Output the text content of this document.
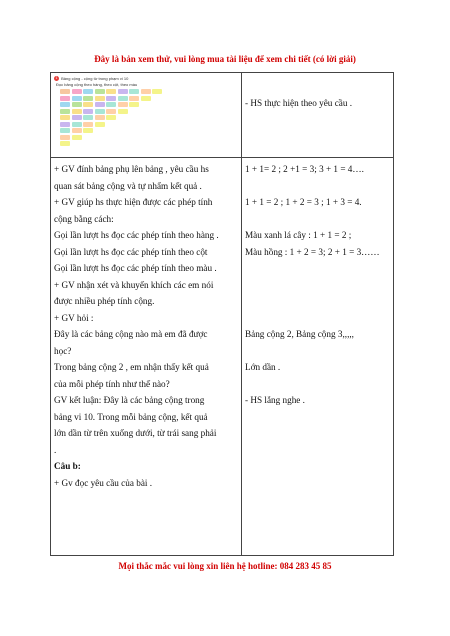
Đây là bản xem thử, vui lòng mua tài liệu để xem chi tiết (có lời giải)
1 Bảng cộng - cộng từ trong phạm vi 10
Đọc bảng cộng theo hàng, theo cột, theo màu
- HS thực hiện theo yêu cầu .

+ GV đính bảng phụ lên bảng , yêu cầu hs

quan sát bảng cộng và tự nhẩm kết quả .

+ GV giúp hs thực hiện được các phép tính

cộng bằng cách:

Gọi lần lượt hs đọc các phép tính theo hàng .

Gọi lần lượt hs đọc các phép tính theo cột

Gọi lần lượt hs đọc các phép tính theo màu .

+ GV nhận xét và khuyến khích các em nói

được nhiều phép tính cộng.

+ GV hỏi :

Đây là các bảng cộng nào mà em đã được

học?

Trong bảng cộng 2 , em nhận thấy kết quả

của mỗi phép tính như thế nào?

GV kết luận: Đây là các bảng cộng trong

bảng vi 10. Trong mỗi bảng cộng, kết quả

lớn dần từ trên xuống dưới, từ trái sang phải

.

Câu b:

+ Gv đọc yêu cầu của bài .

1 + 1= 2 ; 2 +1 = 3; 3 + 1 = 4….

1 + 1 = 2 ; 1 + 2 = 3 ; 1 + 3 = 4.

Màu xanh lá cây : 1 + 1 = 2 ;

Màu hồng : 1 + 2 = 3; 2 + 1 = 3……

Bảng cộng 2, Bảng cộng 3,,,,,

Lớn dần .

- HS lắng nghe .

Mọi thắc mắc vui lòng xin liên hệ hotline: 084 283 45 85
